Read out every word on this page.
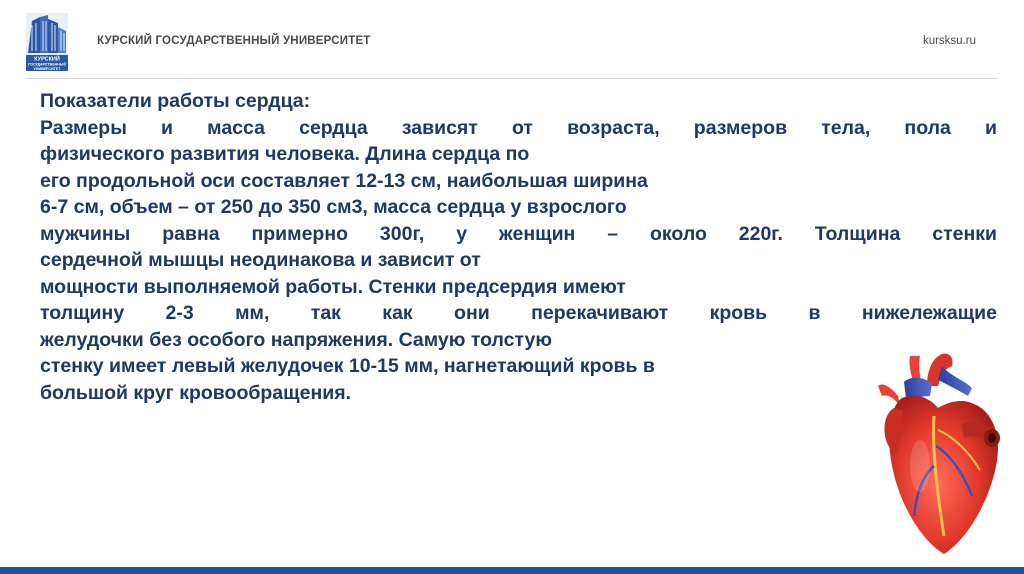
КУРСКИЙ
ГОСУДАРСТВЕННЫЙ
УНИВЕРСИТЕТ
КУРСКИЙ ГОСУДАРСТВЕННЫЙ УНИВЕРСИТЕТ	kursksu.ru
Показатели работы сердца:
Размеры и масса сердца зависят от возраста, размеров тела, пола и
физического развития человека. Длина сердца по
его продольной оси составляет 12-13 см, наибольшая ширина
6-7 см, объем – от 250 до 350 см3, масса сердца у взрослого
мужчины равна примерно 300г, у женщин – около 220г. Толщина стенки
сердечной мышцы неодинакова и зависит от
мощности выполняемой работы. Стенки предсердия имеют
толщину 2-3 мм, так как они перекачивают кровь в нижележащие
желудочки без особого напряжения. Самую толстую
стенку имеет левый желудочек 10-15 мм, нагнетающий кровь в
большой круг кровообращения.
